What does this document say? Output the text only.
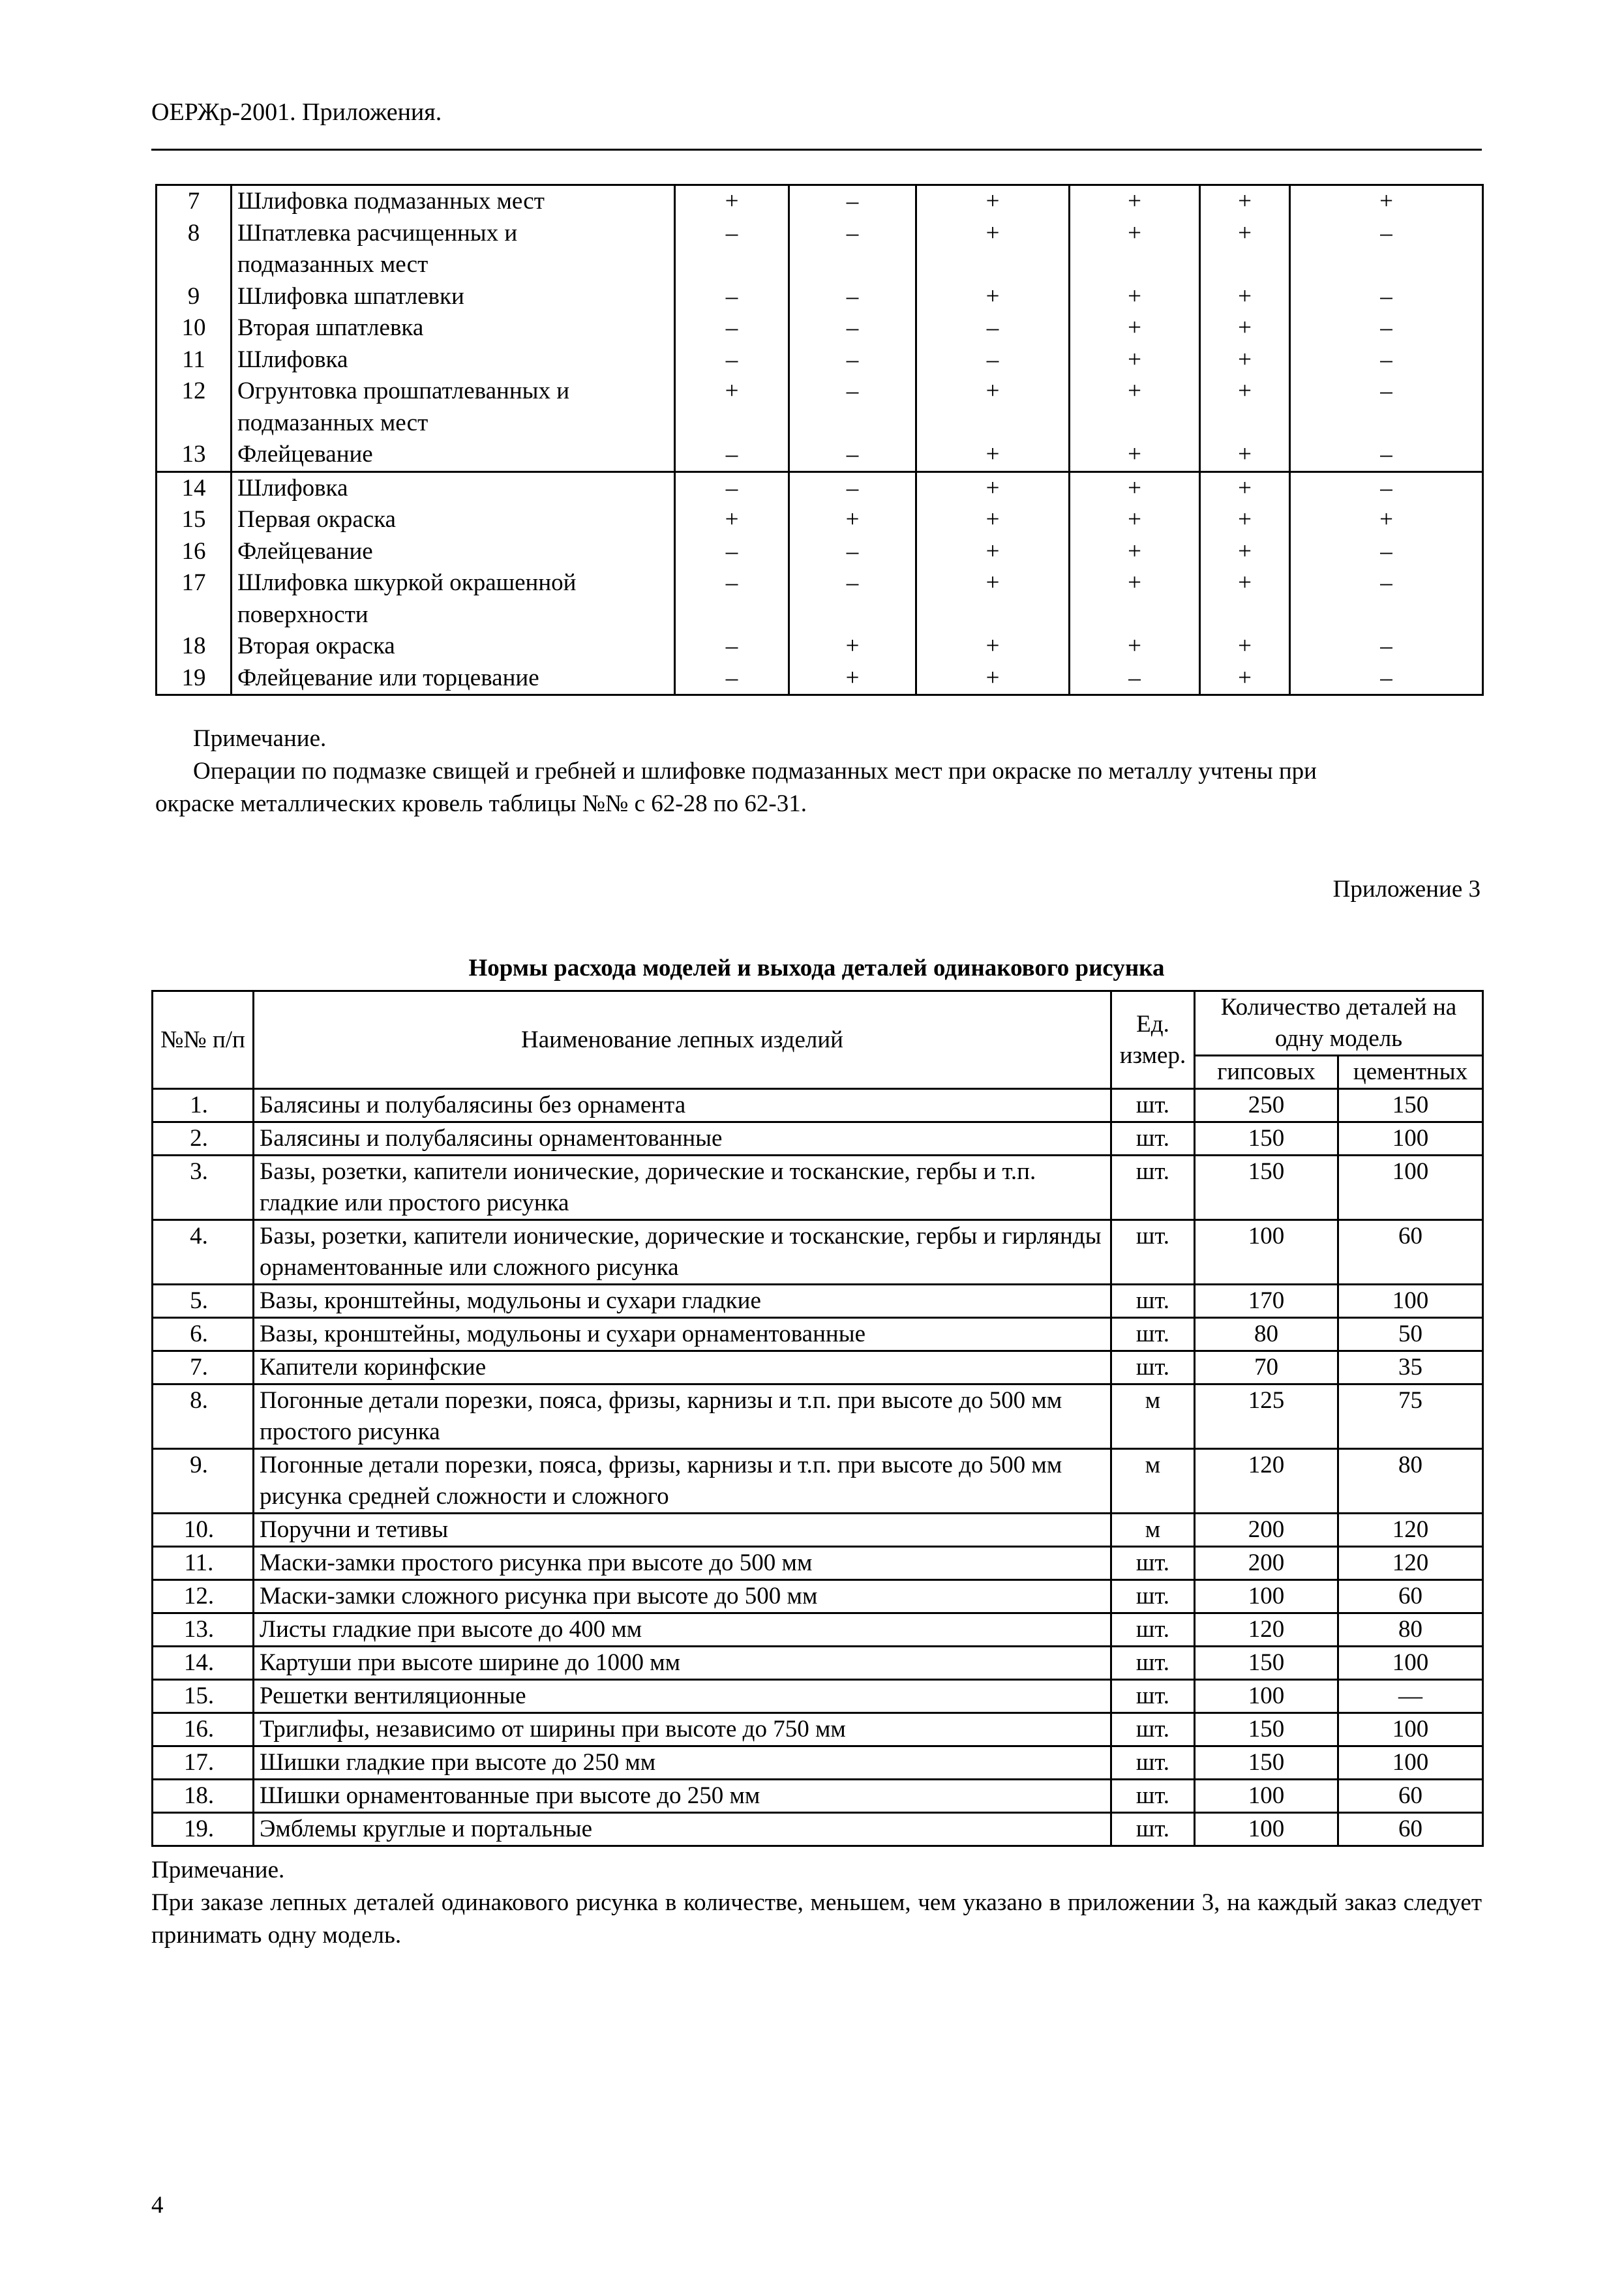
ОЕРЖр-2001. Приложения.
7	Шлифовка подмазанных мест	+	–	+	+	+	+
8	Шпатлевка расчищенных и	–	–	+	+	+	–
	подмазанных мест						
9	Шлифовка шпатлевки	–	–	+	+	+	–
10	Вторая шпатлевка	–	–	–	+	+	–
11	Шлифовка	–	–	–	+	+	–
12	Огрунтовка прошпатлеванных и	+	–	+	+	+	–
	подмазанных мест						
13	Флейцевание	–	–	+	+	+	–
14	Шлифовка	–	–	+	+	+	–
15	Первая окраска	+	+	+	+	+	+
16	Флейцевание	–	–	+	+	+	–
17	Шлифовка шкуркой окрашенной	–	–	+	+	+	–
	поверхности						
18	Вторая окраска	–	+	+	+	+	–
19	Флейцевание или торцевание	–	+	+	–	+	–

Примечание.

Операции по подмазке свищей и гребней и шлифовке подмазанных мест при окраске по металлу учтены при

окраске металлических кровель таблицы №№ с 62-28 по 62-31.

Приложение 3
Нормы расхода моделей и выхода деталей одинакового рисунка
№№ п/п	Наименование лепных изделий	Ед. измер.	Количество деталей на одну модель	
			гипсовых	цементных
1.	Балясины и полубалясины без орнамента	шт.	250	150
2.	Балясины и полубалясины орнаментованные	шт.	150	100
3.	Базы, розетки, капители ионические, дорические и тосканские, гербы и т.п. гладкие или простого рисунка	шт.	150	100
4.	Базы, розетки, капители ионические, дорические и тосканские, гербы и гирлянды орнаментованные или сложного рисунка	шт.	100	60
5.	Вазы, кронштейны, модульоны и сухари гладкие	шт.	170	100
6.	Вазы, кронштейны, модульоны и сухари орнаментованные	шт.	80	50
7.	Капители коринфские	шт.	70	35
8.	Погонные детали порезки, пояса, фризы, карнизы и т.п. при высоте до 500 мм простого рисунка	м	125	75
9.	Погонные детали порезки, пояса, фризы, карнизы и т.п. при высоте до 500 мм рисунка средней сложности и сложного	м	120	80
10.	Поручни и тетивы	м	200	120
11.	Маски-замки простого рисунка при высоте до 500 мм	шт.	200	120
12.	Маски-замки сложного рисунка при высоте до 500 мм	шт.	100	60
13.	Листы гладкие при высоте до 400 мм	шт.	120	80
14.	Картуши при высоте ширине до 1000 мм	шт.	150	100
15.	Решетки вентиляционные	шт.	100	—
16.	Триглифы, независимо от ширины при высоте до 750 мм	шт.	150	100
17.	Шишки гладкие при высоте до 250 мм	шт.	150	100
18.	Шишки орнаментованные при высоте до 250 мм	шт.	100	60
19.	Эмблемы круглые и портальные	шт.	100	60

Примечание.

При заказе лепных деталей одинакового рисунка в количестве, меньшем, чем указано в приложении 3, на каждый заказ следует принимать одну модель.

4
